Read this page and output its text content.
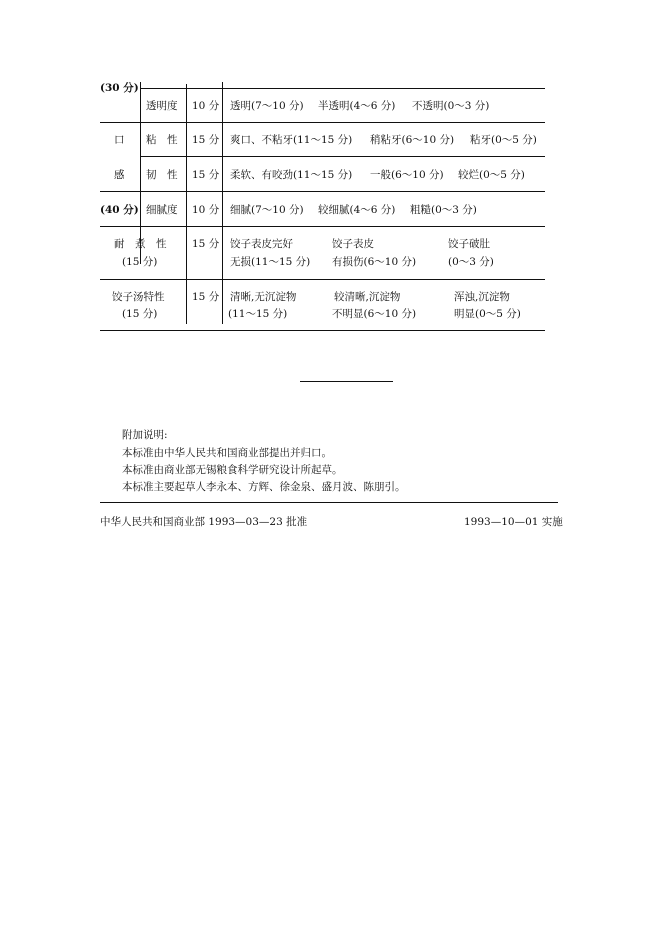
(30 分)
透明度 10 分 透明(7～10 分) 半透明(4～6 分) 不透明(0～3 分)
口 粘　性 15 分 爽口、不粘牙(11～15 分) 稍粘牙(6～10 分) 粘牙(0～5 分)
感 韧　性 15 分 柔软、有咬劲(11～15 分) 一般(6～10 分) 较烂(0～5 分)
(40 分) 细腻度 10 分 细腻(7～10 分) 较细腻(4～6 分) 粗糙(0～3 分)
耐　煮　性
(15 分)
15 分 饺子表皮完好
无损(11～15 分)
饺子表皮
有损伤(6～10 分)
饺子破肚
(0～3 分)
饺子汤特性
(15 分)
15 分 清晰,无沉淀物
(11～15 分)
较清晰,沉淀物
不明显(6～10 分)
浑浊,沉淀物
明显(0～5 分)
附加说明:
本标准由中华人民共和国商业部提出并归口。
本标准由商业部无锡粮食科学研究设计所起草。
本标准主要起草人李永本、方辉、徐金泉、盛月波、陈朋引。
中华人民共和国商业部 1993—03—23 批准	1993—10—01 实施
